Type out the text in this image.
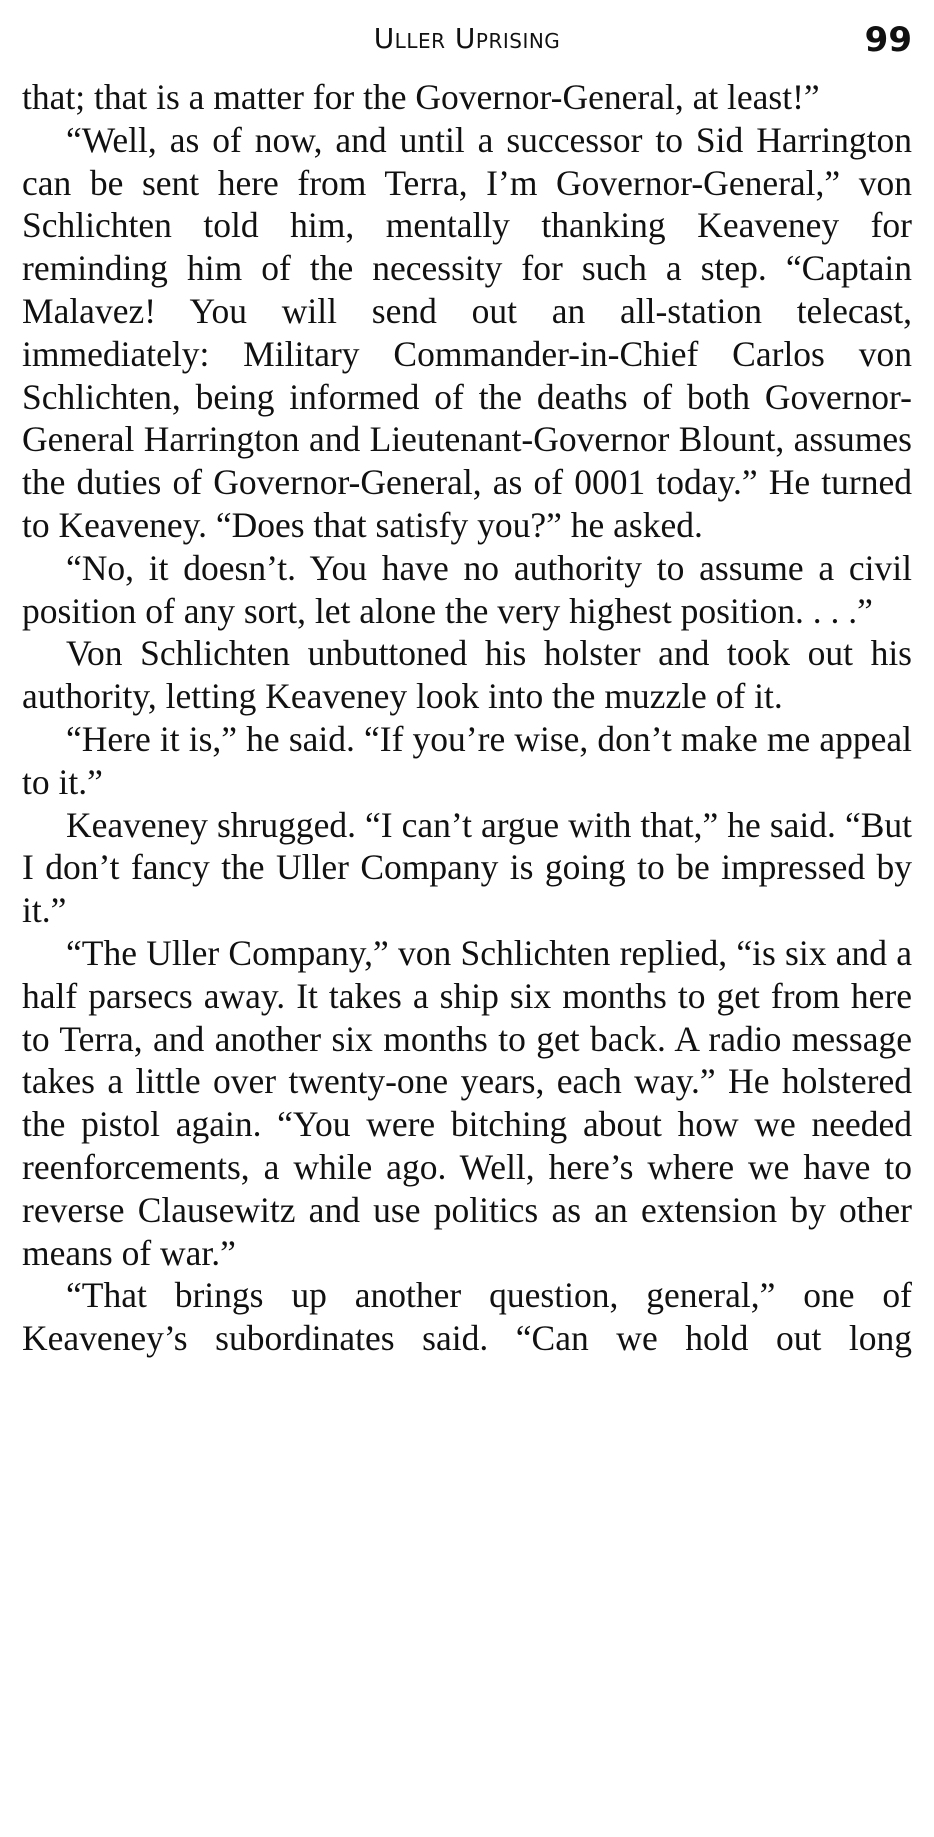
Uller Uprising	99

that; that is a matter for the Governor-General, at least!”

“Well, as of now, and until a successor to Sid Harrington can be sent here from Terra, I’m Governor-General,” von Schlichten told him, mentally thanking Keaveney for reminding him of the necessity for such a step. “Captain Malavez! You will send out an all-station telecast, immediately: Military Commander-in-Chief Carlos von Schlichten, being informed of the deaths of both Governor-General Harrington and Lieutenant-Governor Blount, assumes the duties of Governor-General, as of 0001 today.” He turned to Keaveney. “Does that satisfy you?” he asked.

“No, it doesn’t. You have no authority to assume a civil position of any sort, let alone the very highest position. . . .”

Von Schlichten unbuttoned his holster and took out his authority, letting Keaveney look into the muzzle of it.

“Here it is,” he said. “If you’re wise, don’t make me appeal to it.”

Keaveney shrugged. “I can’t argue with that,” he said. “But I don’t fancy the Uller Company is going to be impressed by it.”

“The Uller Company,” von Schlichten replied, “is six and a half parsecs away. It takes a ship six months to get from here to Terra, and another six months to get back. A radio message takes a little over twenty-one years, each way.” He holstered the pistol again. “You were bitching about how we needed reenforcements, a while ago. Well, here’s where we have to reverse Clausewitz and use politics as an extension by other means of war.”

“That brings up another question, general,” one of Keaveney’s subordinates said. “Can we hold out long
